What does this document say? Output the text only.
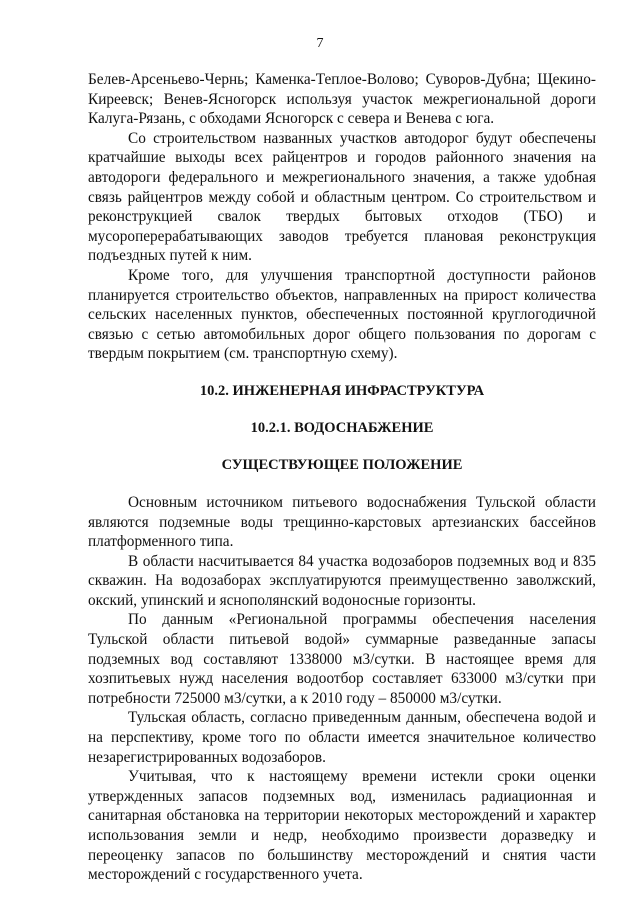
7

Белев-Арсеньево-Чернь; Каменка-Теплое-Волово; Суворов-Дубна; Щекино-Киреевск; Венев-Ясногорск используя участок межрегиональной дороги Калуга-Рязань, с обходами Ясногорск с севера и Венева с юга.

Со строительством названных участков автодорог будут обеспечены кратчайшие выходы всех райцентров и городов районного значения на автодороги федерального и межрегионального значения, а также удобная связь райцентров между собой и областным центром. Со строительством и реконструкцией свалок твердых бытовых отходов (ТБО) и мусороперерабатывающих заводов требуется плановая реконструкция подъездных путей к ним.

Кроме того, для улучшения транспортной доступности районов планируется строительство объектов, направленных на прирост количества сельских населенных пунктов, обеспеченных постоянной круглогодичной связью с сетью автомобильных дорог общего пользования по дорогам с твердым покрытием (см. транспортную схему).

10.2. ИНЖЕНЕРНАЯ ИНФРАСТРУКТУРА
10.2.1. ВОДОСНАБЖЕНИЕ
СУЩЕСТВУЮЩЕЕ ПОЛОЖЕНИЕ

Основным источником питьевого водоснабжения Тульской области являются подземные воды трещинно-карстовых артезианских бассейнов платформенного типа.

В области насчитывается 84 участка водозаборов подземных вод и 835 скважин. На водозаборах эксплуатируются преимущественно заволжский, окский, упинский и яснополянский водоносные горизонты.

По данным «Региональной программы обеспечения населения Тульской области питьевой водой» суммарные разведанные запасы подземных вод составляют 1338000 м3/сутки. В настоящее время для хозпитьевых нужд населения водоотбор составляет 633000 м3/сутки при потребности 725000 м3/сутки, а к 2010 году – 850000 м3/сутки.

Тульская область, согласно приведенным данным, обеспечена водой и на перспективу, кроме того по области имеется значительное количество незарегистрированных водозаборов.

Учитывая, что к настоящему времени истекли сроки оценки утвержденных запасов подземных вод, изменилась радиационная и санитарная обстановка на территории некоторых месторождений и характер использования земли и недр, необходимо произвести доразведку и переоценку запасов по большинству месторождений и снятия части месторождений с государственного учета.
